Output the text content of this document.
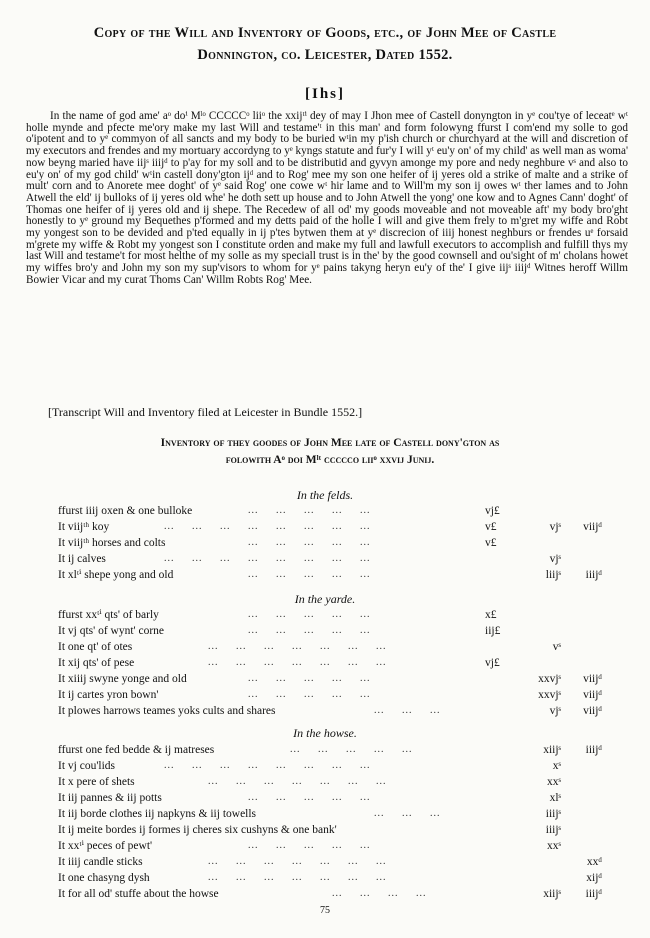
Copy of the Will and Inventory of Goods, etc., of John Mee of Castle
Donnington, co. Leicester, Dated 1552.
[Ihs]
In the name of god ame' aᵒ doⁱ Mˡᵒ CCCCCᵒ liiᵒ the xxijᵗⁱ dey of may I Jhon mee of Castell donyngton in yᵉ cou'tye of leceatᵉ wᵗ holle mynde and pfecte me'ory make my last Will and testame'ᵗ in this man' and form folowyng ffurst I com'end my solle to god o'ipotent and to yᵉ commyon of all sancts and my body to be buried wᵗin my p'ish church or churchyard at the will and discretion of my executors and frendes and my mortuary accordyng to yᵉ kyngs statute and fur'y I will yᵗ eu'y on' of my child' as well man as woma' now beyng maried have iijˢ iiijᵈ to p'ay for my soll and to be distributid and gyvyn amonge my pore and nedy neghbure vˢ and also to eu'y on' of my god child' wᵗin castell dony'gton ijᵈ and to Rog' mee my son one heifer of ij yeres old a strike of malte and a strike of mult' corn and to Anorete mee doght' of yᵉ said Rog' one cowe wᵗ hir lame and to Will'm my son ij owes wᵗ ther lames and to John Atwell the eld' ij bulloks of ij yeres old whe' he doth sett up house and to John Atwell the yong' one kow and to Agnes Cann' doght' of Thomas one heifer of ij yeres old and ij shepe. The Recedew of all od' my goods moveable and not moveable aft' my body bro'ght honestly to yᵉ ground my Bequethes p'formed and my detts paid of the holle I will and give them frely to m'gret my wiffe and Robt my yongest son to be devided and p'ted equally in ij p'tes bytwen them at yᵉ discrecion of iiij honest neghburs or frendes uᵉ forsaid m'grete my wiffe & Robt my yongest son I constitute orden and make my full and lawfull executors to accomplish and fulfill thys my last Will and testame't for most helthe of my solle as my speciall trust is in the' by the good cownsell and ou'sight of m' cholans howet my wiffes bro'y and John my son my sup'visors to whom for yᵉ pains takyng heryn eu'y of the' I give iijˢ iiijᵈ Witnes heroff Willm Bowier Vicar and my curat Thoms Can' Willm Robts Rog' Mee.
[Transcript Will and Inventory filed at Leicester in Bundle 1552.]
Inventory of they goodes of John Mee late of Castell dony'gton as
folowith Aᵒ doi Mˡᵗ ccccco liiᵒ xxvij Junij.
In the felds.
ffurst iiij oxen & one bulloke	...     ...     ...     ...     ...	vj£
It viijᵗʰ koy	...     ...     ...     ...     ...     ...     ...     ...	v£	vjˢ	viijᵈ
It viijᵗʰ horses and colts	...     ...     ...     ...     ...	v£
It ij calves	...     ...     ...     ...     ...     ...     ...     ...	vjˢ
It xlᵗⁱ shepe yong and old	...     ...     ...     ...     ...	liijˢ	iiijᵈ
In the yarde.
ffurst xxᵗⁱ qts' of barly	...     ...     ...     ...     ...	x£
It vj qts' of wynt' corne	...     ...     ...     ...     ...	iij£
It one qt' of otes	...     ...     ...     ...     ...     ...     ...	vˢ
It xij qts' of pese	...     ...     ...     ...     ...     ...     ...	vj£
It xiiij swyne yonge and old	...     ...     ...     ...     ...	xxvjˢ	viijᵈ
It ij cartes yron bown'	...     ...     ...     ...     ...	xxvjˢ	viijᵈ
It plowes harrows teames yoks cults and shares	...     ...     ...	vjˢ	viijᵈ
In the howse.
ffurst one fed bedde & ij matreses	...     ...     ...     ...     ...	xiijˢ	iiijᵈ
It vj cou'lids	...     ...     ...     ...     ...     ...     ...     ...	xˢ
It x pere of shets	...     ...     ...     ...     ...     ...     ...	xxˢ
It iij pannes & iij potts	...     ...     ...     ...     ...	xlˢ
It iij borde clothes iij napkyns & iij towells	...     ...     ...	iiijˢ
It ij meite bordes ij formes ij cheres six cushyns & one bank'	iiijˢ
It xxᵗⁱ peces of pewt'	...     ...     ...     ...     ...	xxˢ
It iiij candle sticks	...     ...     ...     ...     ...     ...     ...	xxᵈ
It one chasyng dysh	...     ...     ...     ...     ...     ...     ...	xijᵈ
It for all od' stuffe about the howse	...     ...     ...     ...	xiijˢ	iiijᵈ
75
